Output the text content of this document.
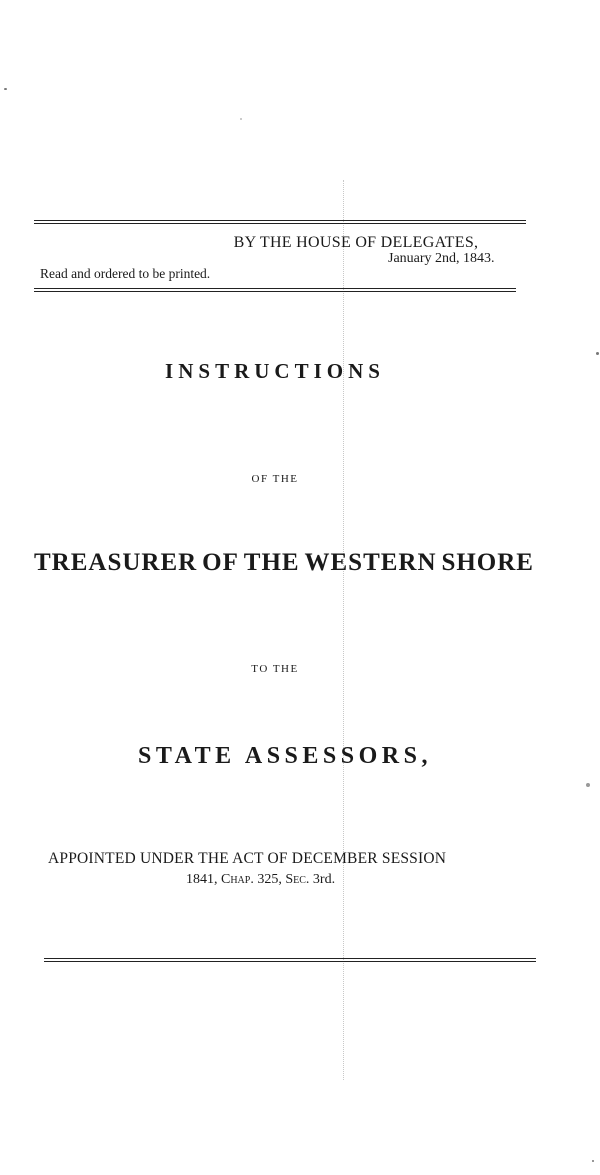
BY THE HOUSE OF DELEGATES,
January 2nd, 1843.
Read and ordered to be printed.
INSTRUCTIONS
OF THE
TREASURER OF THE WESTERN SHORE
TO THE
STATE ASSESSORS,
APPOINTED UNDER THE ACT OF DECEMBER SESSION
1841, Chap. 325, Sec. 3rd.
